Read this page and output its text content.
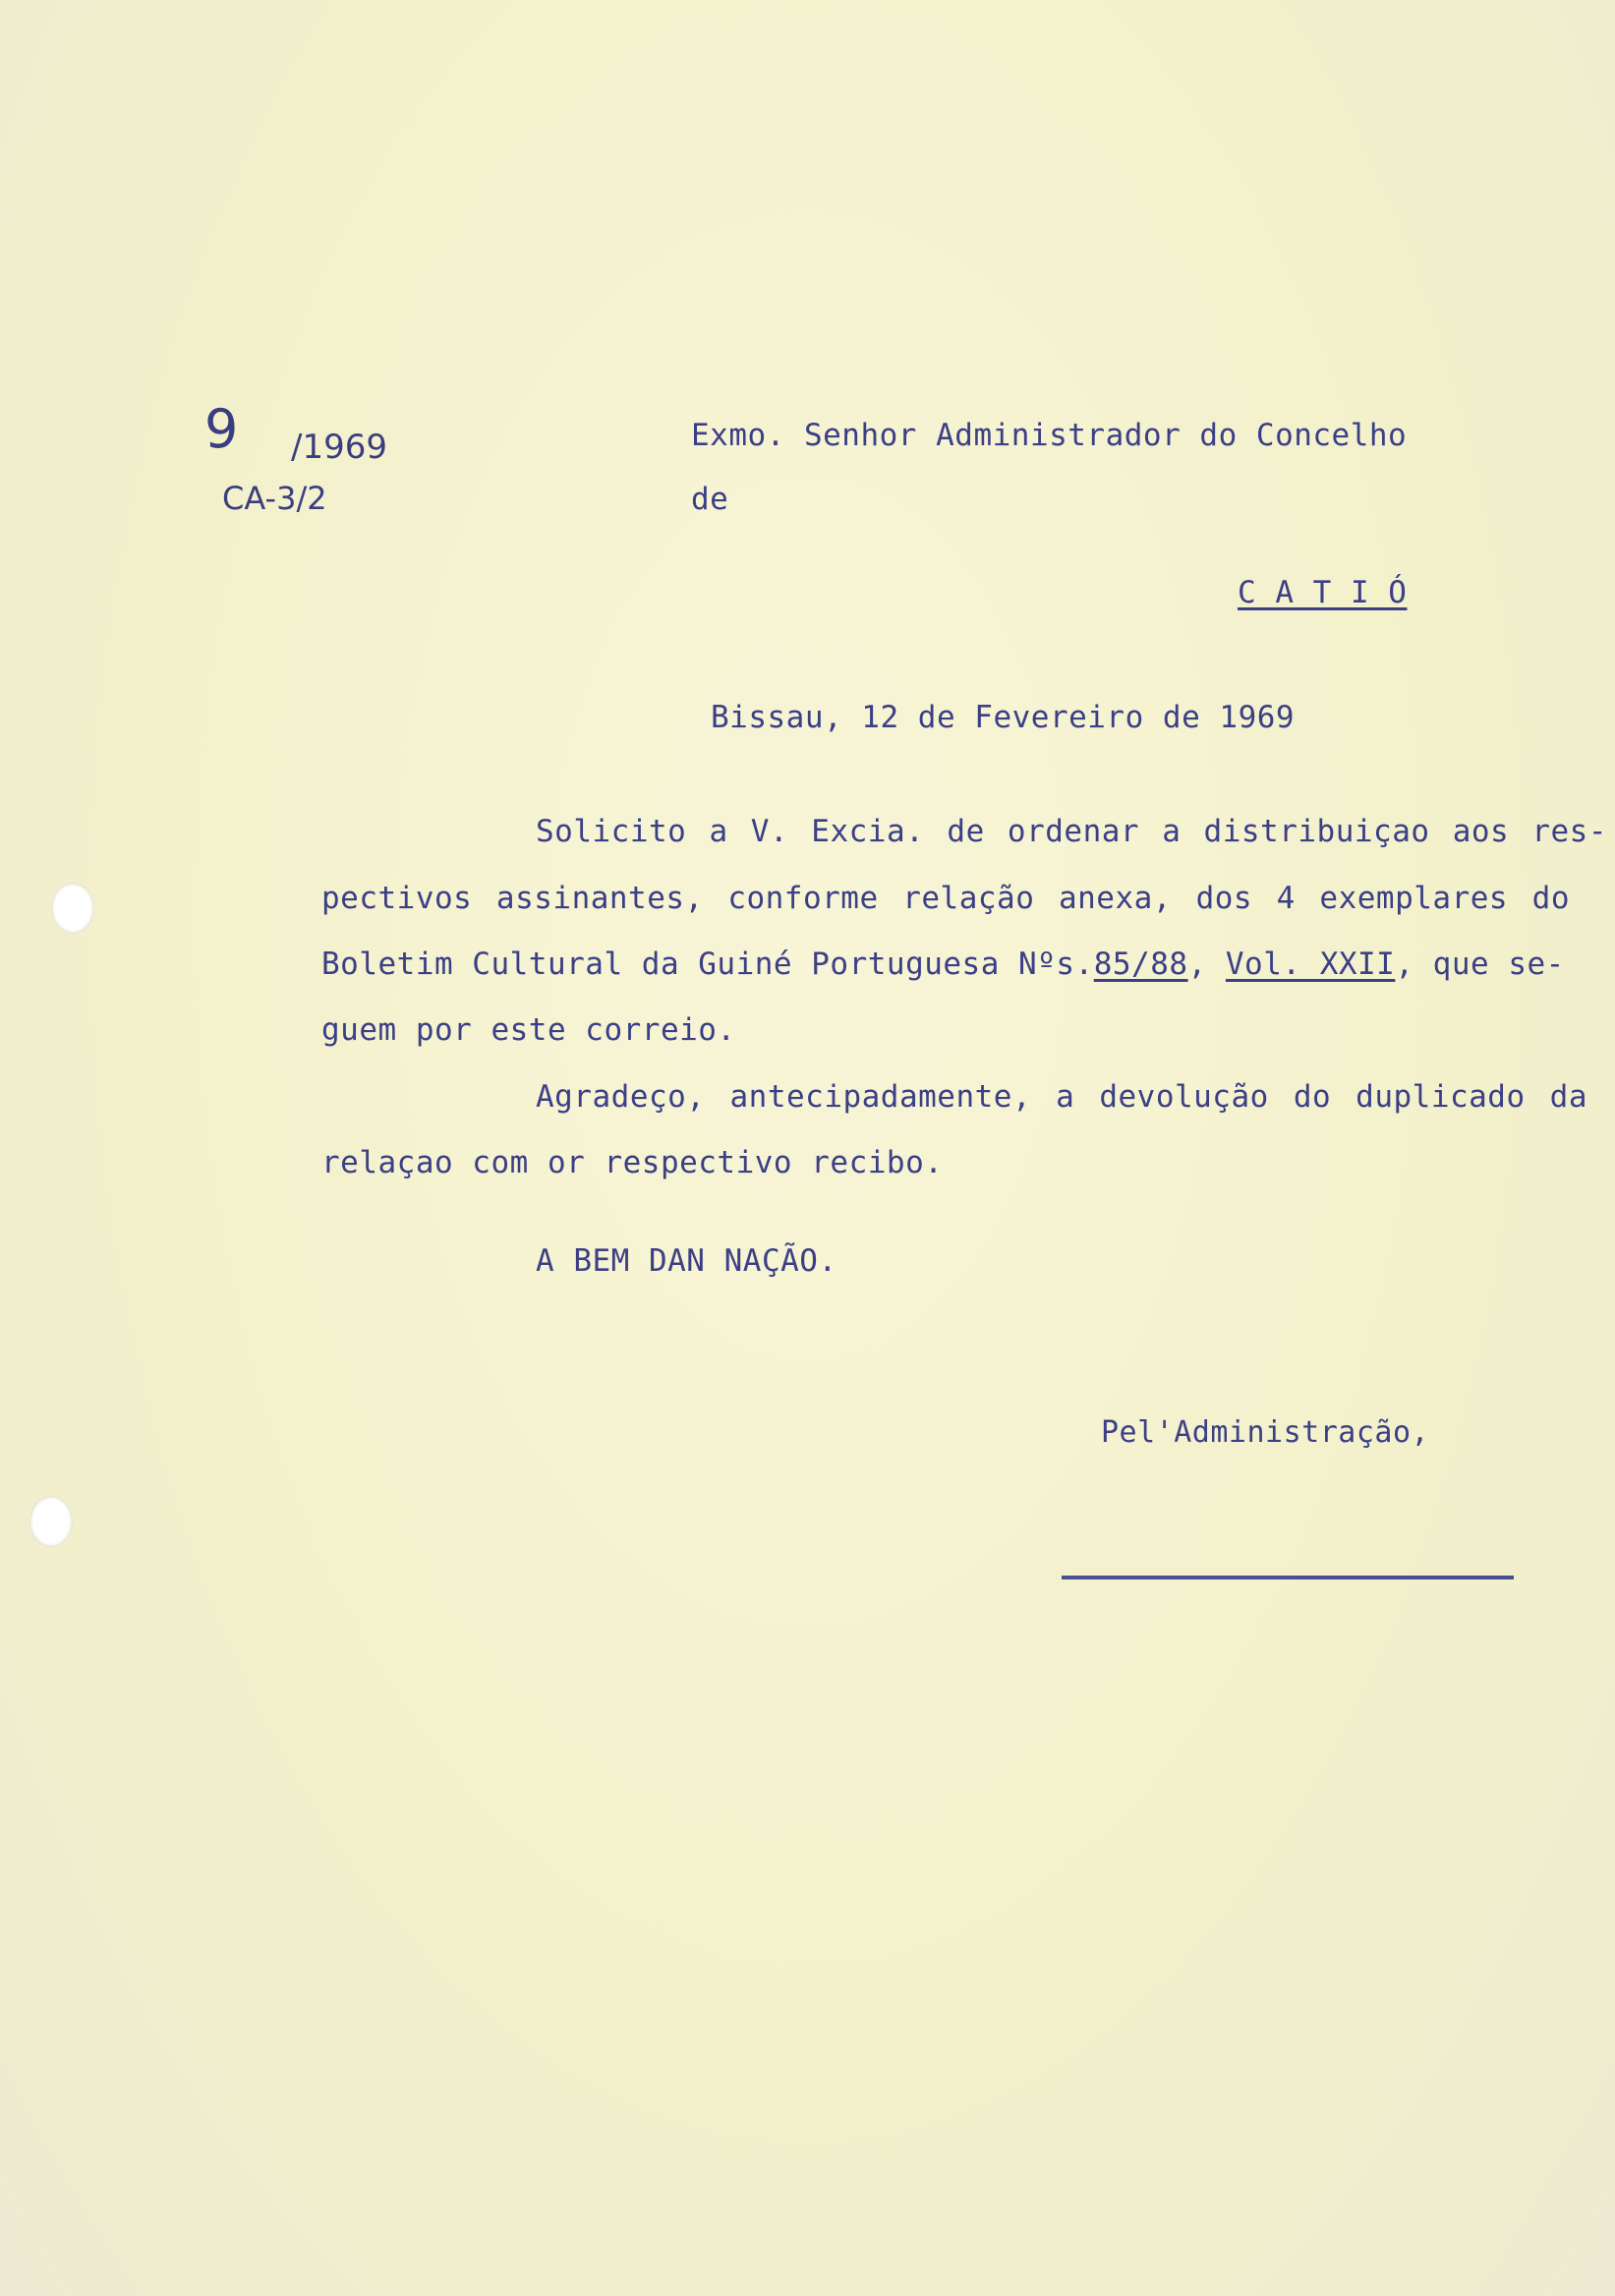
9 /1969
CA-3/2
Exmo. Senhor Administrador do Concelho
de
C A T I Ó
Bissau, 12 de Fevereiro de 1969
Solicito a V. Excia. de ordenar a distribuiçao aos res-
pectivos assinantes, conforme relação anexa, dos 4 exemplares do
Boletim Cultural da Guiné Portuguesa Nºs.85/88, Vol. XXII, que se-
guem por este correio.
Agradeço, antecipadamente, a devolução do duplicado da
relaçao com or respectivo recibo.
A BEM DAN NAÇÃO.
Pel'Administração,
